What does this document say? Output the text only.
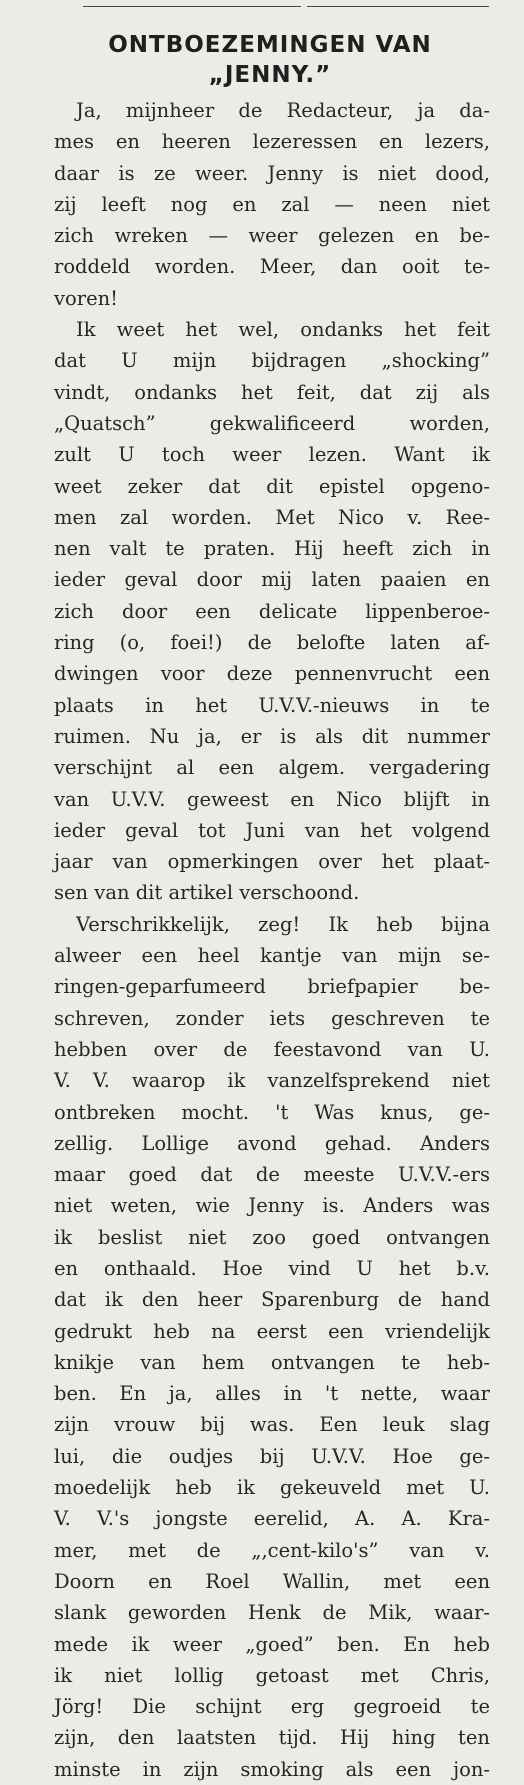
ONTBOEZEMINGEN VAN
„JENNY.”
Ja, mijnheer de Redacteur, ja da-
mes en heeren lezeressen en lezers,
daar is ze weer. Jenny is niet dood,
zij leeft nog en zal — neen niet
zich wreken — weer gelezen en be-
roddeld worden. Meer, dan ooit te-
voren!
Ik weet het wel, ondanks het feit
dat U mijn bijdragen „shocking”
vindt, ondanks het feit, dat zij als
„Quatsch” gekwalificeerd worden,
zult U toch weer lezen. Want ik
weet zeker dat dit epistel opgeno-
men zal worden. Met Nico v. Ree-
nen valt te praten. Hij heeft zich in
ieder geval door mij laten paaien en
zich door een delicate lippenberoe-
ring (o, foei!) de belofte laten af-
dwingen voor deze pennenvrucht een
plaats in het U.V.V.-nieuws in te
ruimen. Nu ja, er is als dit nummer
verschijnt al een algem. vergadering
van U.V.V. geweest en Nico blijft in
ieder geval tot Juni van het volgend
jaar van opmerkingen over het plaat-
sen van dit artikel verschoond.
Verschrikkelijk, zeg! Ik heb bijna
alweer een heel kantje van mijn se-
ringen-geparfumeerd briefpapier be-
schreven, zonder iets geschreven te
hebben over de feestavond van U.
V. V. waarop ik vanzelfsprekend niet
ontbreken mocht. 't Was knus, ge-
zellig. Lollige avond gehad. Anders
maar goed dat de meeste U.V.V.-ers
niet weten, wie Jenny is. Anders was
ik beslist niet zoo goed ontvangen
en onthaald. Hoe vind U het b.v.
dat ik den heer Sparenburg de hand
gedrukt heb na eerst een vriendelijk
knikje van hem ontvangen te heb-
ben. En ja, alles in 't nette, waar
zijn vrouw bij was. Een leuk slag
lui, die oudjes bij U.V.V. Hoe ge-
moedelijk heb ik gekeuveld met U.
V. V.'s jongste eerelid, A. A. Kra-
mer, met de „,cent-kilo's” van v.
Doorn en Roel Wallin, met een
slank geworden Henk de Mik, waar-
mede ik weer „goed” ben. En heb
ik niet lollig getoast met Chris,
Jörg! Die schijnt erg gegroeid te
zijn, den laatsten tijd. Hij hing ten
minste in zijn smoking als een jon-
